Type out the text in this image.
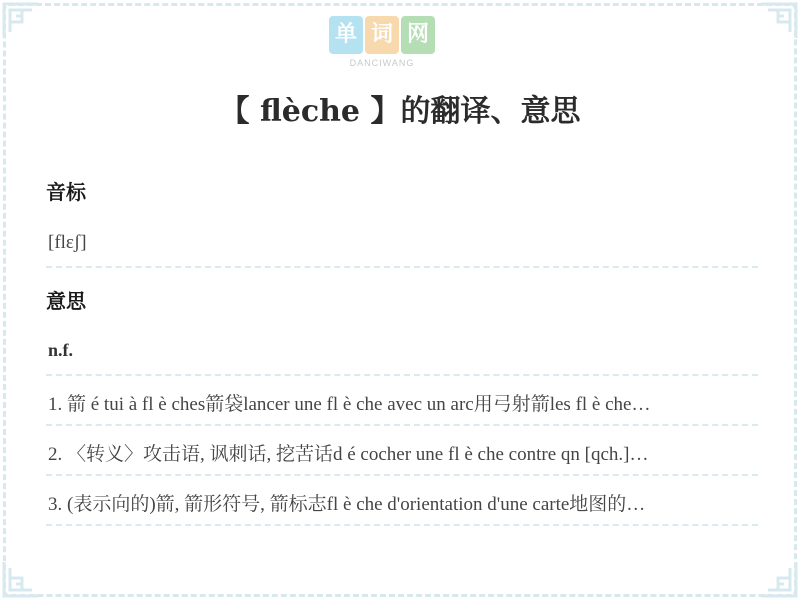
单 词 网
DANCIWANG
【 flèche 】的翻译、意思
音标
[flɛʃ]
意思
n.f.
1. 箭 é tui à fl è ches箭袋lancer une fl è che avec un arc用弓射箭les fl è che…
2. 〈转义〉攻击语, 讽刺话, 挖苦话d é cocher une fl è che contre qn [qch.]…
3. (表示向的)箭, 箭形符号, 箭标志fl è che d'orientation d'une carte地图的…
